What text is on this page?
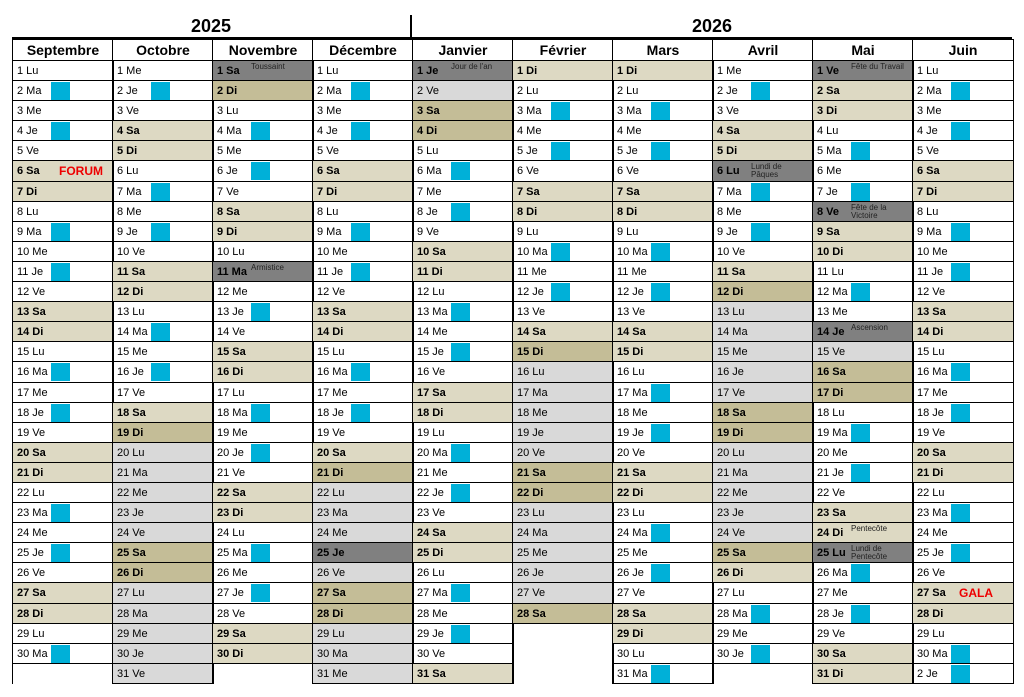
2025	2026
Septembre
1 Lu
2 Ma
3 Me
4 Je
5 Ve
6 Sa FORUM
7 Di
8 Lu
9 Ma
10 Me
11 Je
12 Ve
13 Sa
14 Di
15 Lu
16 Ma
17 Me
18 Je
19 Ve
20 Sa
21 Di
22 Lu
23 Ma
24 Me
25 Je
26 Ve
27 Sa
28 Di
29 Lu
30 Ma
Octobre
1 Me
2 Je
3 Ve
4 Sa
5 Di
6 Lu
7 Ma
8 Me
9 Je
10 Ve
11 Sa
12 Di
13 Lu
14 Ma
15 Me
16 Je
17 Ve
18 Sa
19 Di
20 Lu
21 Ma
22 Me
23 Je
24 Ve
25 Sa
26 Di
27 Lu
28 Ma
29 Me
30 Je
31 Ve
Novembre
1 Sa Toussaint
2 Di
3 Lu
4 Ma
5 Me
6 Je
7 Ve
8 Sa
9 Di
10 Lu
11 Ma Armistice
12 Me
13 Je
14 Ve
15 Sa
16 Di
17 Lu
18 Ma
19 Me
20 Je
21 Ve
22 Sa
23 Di
24 Lu
25 Ma
26 Me
27 Je
28 Ve
29 Sa
30 Di
Décembre
1 Lu
2 Ma
3 Me
4 Je
5 Ve
6 Sa
7 Di
8 Lu
9 Ma
10 Me
11 Je
12 Ve
13 Sa
14 Di
15 Lu
16 Ma
17 Me
18 Je
19 Ve
20 Sa
21 Di
22 Lu
23 Ma
24 Me
25 Je
26 Ve
27 Sa
28 Di
29 Lu
30 Ma
31 Me
Janvier
1 Je Jour de l'an
2 Ve
3 Sa
4 Di
5 Lu
6 Ma
7 Me
8 Je
9 Ve
10 Sa
11 Di
12 Lu
13 Ma
14 Me
15 Je
16 Ve
17 Sa
18 Di
19 Lu
20 Ma
21 Me
22 Je
23 Ve
24 Sa
25 Di
26 Lu
27 Ma
28 Me
29 Je
30 Ve
31 Sa
Février
1 Di
2 Lu
3 Ma
4 Me
5 Je
6 Ve
7 Sa
8 Di
9 Lu
10 Ma
11 Me
12 Je
13 Ve
14 Sa
15 Di
16 Lu
17 Ma
18 Me
19 Je
20 Ve
21 Sa
22 Di
23 Lu
24 Ma
25 Me
26 Je
27 Ve
28 Sa
Mars
1 Di
2 Lu
3 Ma
4 Me
5 Je
6 Ve
7 Sa
8 Di
9 Lu
10 Ma
11 Me
12 Je
13 Ve
14 Sa
15 Di
16 Lu
17 Ma
18 Me
19 Je
20 Ve
21 Sa
22 Di
23 Lu
24 Ma
25 Me
26 Je
27 Ve
28 Sa
29 Di
30 Lu
31 Ma
Avril
1 Me
2 Je
3 Ve
4 Sa
5 Di
6 Lu Lundi de Pâques
7 Ma
8 Me
9 Je
10 Ve
11 Sa
12 Di
13 Lu
14 Ma
15 Me
16 Je
17 Ve
18 Sa
19 Di
20 Lu
21 Ma
22 Me
23 Je
24 Ve
25 Sa
26 Di
27 Lu
28 Ma
29 Me
30 Je
Mai
1 Ve Fête du Travail
2 Sa
3 Di
4 Lu
5 Ma
6 Me
7 Je
8 Ve Fête de la Victoire
9 Sa
10 Di
11 Lu
12 Ma
13 Me
14 Je Ascension
15 Ve
16 Sa
17 Di
18 Lu
19 Ma
20 Me
21 Je
22 Ve
23 Sa
24 Di Pentecôte
25 Lu Lundi de Pentecôte
26 Ma
27 Me
28 Je
29 Ve
30 Sa
31 Di
Juin
1 Lu
2 Ma
3 Me
4 Je
5 Ve
6 Sa
7 Di
8 Lu
9 Ma
10 Me
11 Je
12 Ve
13 Sa
14 Di
15 Lu
16 Ma
17 Me
18 Je
19 Ve
20 Sa
21 Di
22 Lu
23 Ma
24 Me
25 Je
26 Ve
27 Sa GALA
28 Di
29 Lu
30 Ma
2 Je
